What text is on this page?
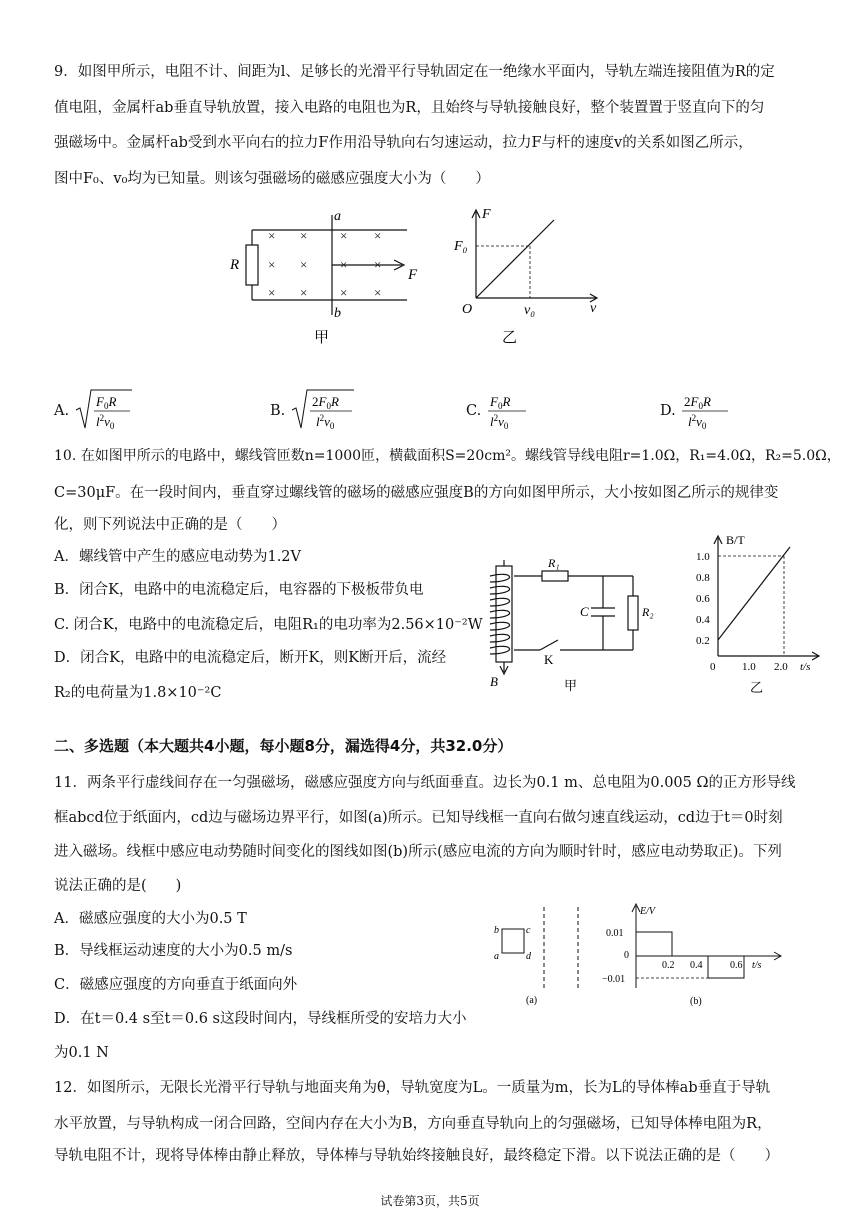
9．如图甲所示，电阻不计、间距为l、足够长的光滑平行导轨固定在一绝缘水平面内，导轨左端连接阻值为R的定
值电阻，金属杆ab垂直导轨放置，接入电路的电阻也为R，且始终与导轨接触良好，整个装置置于竖直向下的匀
强磁场中。金属杆ab受到水平向右的拉力F作用沿导轨向右匀速运动，拉力F与杆的速度v的关系如图乙所示，
图中F₀、v₀均为已知量。则该匀强磁场的磁感应强度大小为（　　）
× ×	× ×
× ×	× ×
× ×	× ×
R
a
b
F
甲
F
F₀
O	v₀	v
乙
A.
$F_0R$
$l^2v_0$
B.
$2F_0R$
$l^2v_0$
C.
$F_0R$
$l^2v_0$
D.
$2F_0R$
$l^2v_0$
10. 在如图甲所示的电路中，螺线管匝数n=1000匝，横截面积S=20cm²。螺线管导线电阻r=1.0Ω，R₁=4.0Ω，R₂=5.0Ω，
C=30μF。在一段时间内，垂直穿过螺线管的磁场的磁感应强度B的方向如图甲所示，大小按如图乙所示的规律变
化，则下列说法中正确的是（　　）
A．螺线管中产生的感应电动势为1.2V
B．闭合K，电路中的电流稳定后，电容器的下极板带负电
C. 闭合K，电路中的电流稳定后，电阻R₁的电功率为2.56×10⁻²W
D．闭合K，电路中的电流稳定后，断开K，则K断开后，流经
R₂的电荷量为1.8×10⁻²C
R₁
C	R₂
K
B	甲
B/T
1.0
0.8
0.6
0.4
0.2
0 1.0 2.0 t/s
乙
二、多选题（本大题共4小题，每小题8分，漏选得4分，共32.0分）
11．两条平行虚线间存在一匀强磁场，磁感应强度方向与纸面垂直。边长为0.1 m、总电阻为0.005 Ω的正方形导线
框abcd位于纸面内，cd边与磁场边界平行，如图(a)所示。已知导线框一直向右做匀速直线运动，cd边于t＝0时刻
进入磁场。线框中感应电动势随时间变化的图线如图(b)所示(感应电流的方向为顺时针时，感应电动势取正)。下列
说法正确的是(　　)
A．磁感应强度的大小为0.5 T
B．导线框运动速度的大小为0.5 m/s
C．磁感应强度的方向垂直于纸面向外
D．在t＝0.4 s至t＝0.6 s这段时间内，导线框所受的安培力大小
为0.1 N
b	c
a	d
(a)
E/V
0.01
0
−0.01
0.2 0.4	0.6 t/s
(b)
12．如图所示，无限长光滑平行导轨与地面夹角为θ，导轨宽度为L。一质量为m，长为L的导体棒ab垂直于导轨
水平放置，与导轨构成一闭合回路，空间内存在大小为B，方向垂直导轨向上的匀强磁场，已知导体棒电阻为R，
导轨电阻不计，现将导体棒由静止释放，导体棒与导轨始终接触良好，最终稳定下滑。以下说法正确的是（　　）
试卷第3页，共5页
